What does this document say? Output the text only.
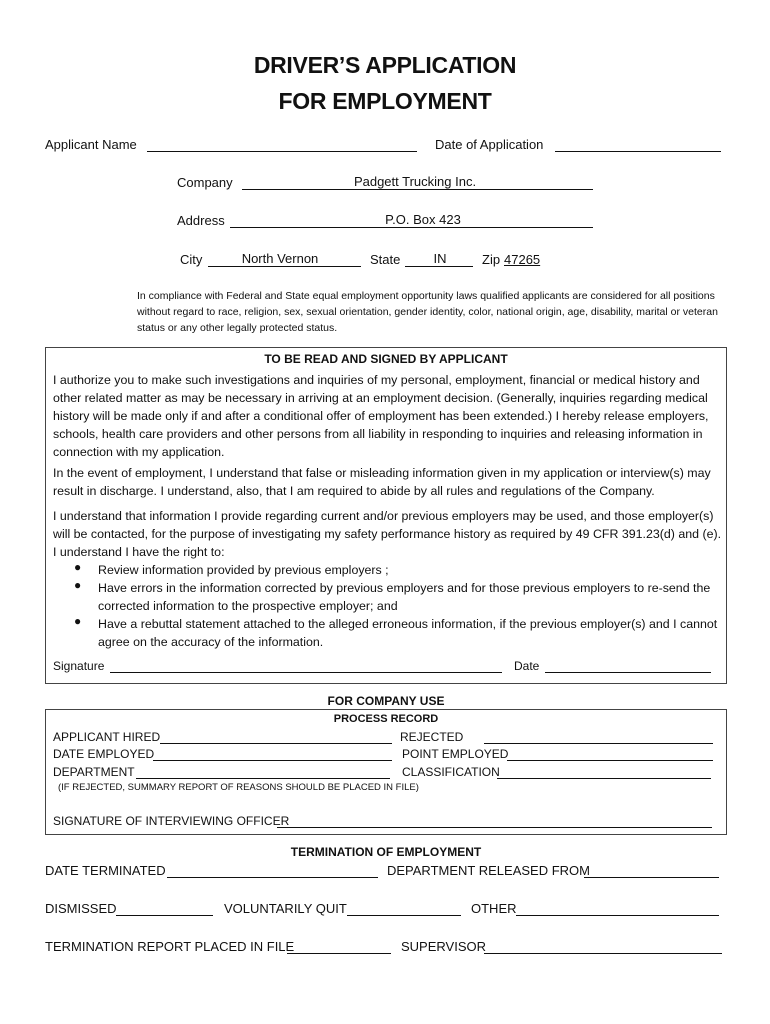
DRIVER’S APPLICATION
FOR EMPLOYMENT
Applicant Name	Date of Application
Company	Padgett Trucking Inc.
Address	P.O. Box 423
City	North Vernon	State	IN	Zip 47265
In compliance with Federal and State equal employment opportunity laws qualified applicants are considered for all positions without regard to race, religion, sex, sexual orientation, gender identity, color, national origin, age, disability, marital or veteran status or any other legally protected status.
TO BE READ AND SIGNED BY APPLICANT
I authorize you to make such investigations and inquiries of my personal, employment, financial or medical history and other related matter as may be necessary in arriving at an employment decision. (Generally, inquiries regarding medical history will be made only if and after a conditional offer of employment has been extended.) I hereby release employers, schools, health care providers and other persons from all liability in responding to inquiries and releasing information in connection with my application.
In the event of employment, I understand that false or misleading information given in my application or interview(s) may result in discharge. I understand, also, that I am required to abide by all rules and regulations of the Company.
I understand that information I provide regarding current and/or previous employers may be used, and those employer(s) will be contacted, for the purpose of investigating my safety performance history as required by 49 CFR 391.23(d) and (e). I understand I have the right to:
● Review information provided by previous employers ;
● Have errors in the information corrected by previous employers and for those previous employers to re-send the corrected information to the prospective employer; and
● Have a rebuttal statement attached to the alleged erroneous information, if the previous employer(s) and I cannot agree on the accuracy of the information.
Signature	Date
FOR COMPANY USE
PROCESS RECORD
APPLICANT HIRED	REJECTED
DATE EMPLOYED	POINT EMPLOYED
DEPARTMENT	CLASSIFICATION
(IF REJECTED, SUMMARY REPORT OF REASONS SHOULD BE PLACED IN FILE)
SIGNATURE OF INTERVIEWING OFFICER
TERMINATION OF EMPLOYMENT
DATE TERMINATED	DEPARTMENT RELEASED FROM
DISMISSED	VOLUNTARILY QUIT	OTHER
TERMINATION REPORT PLACED IN FILE	SUPERVISOR
